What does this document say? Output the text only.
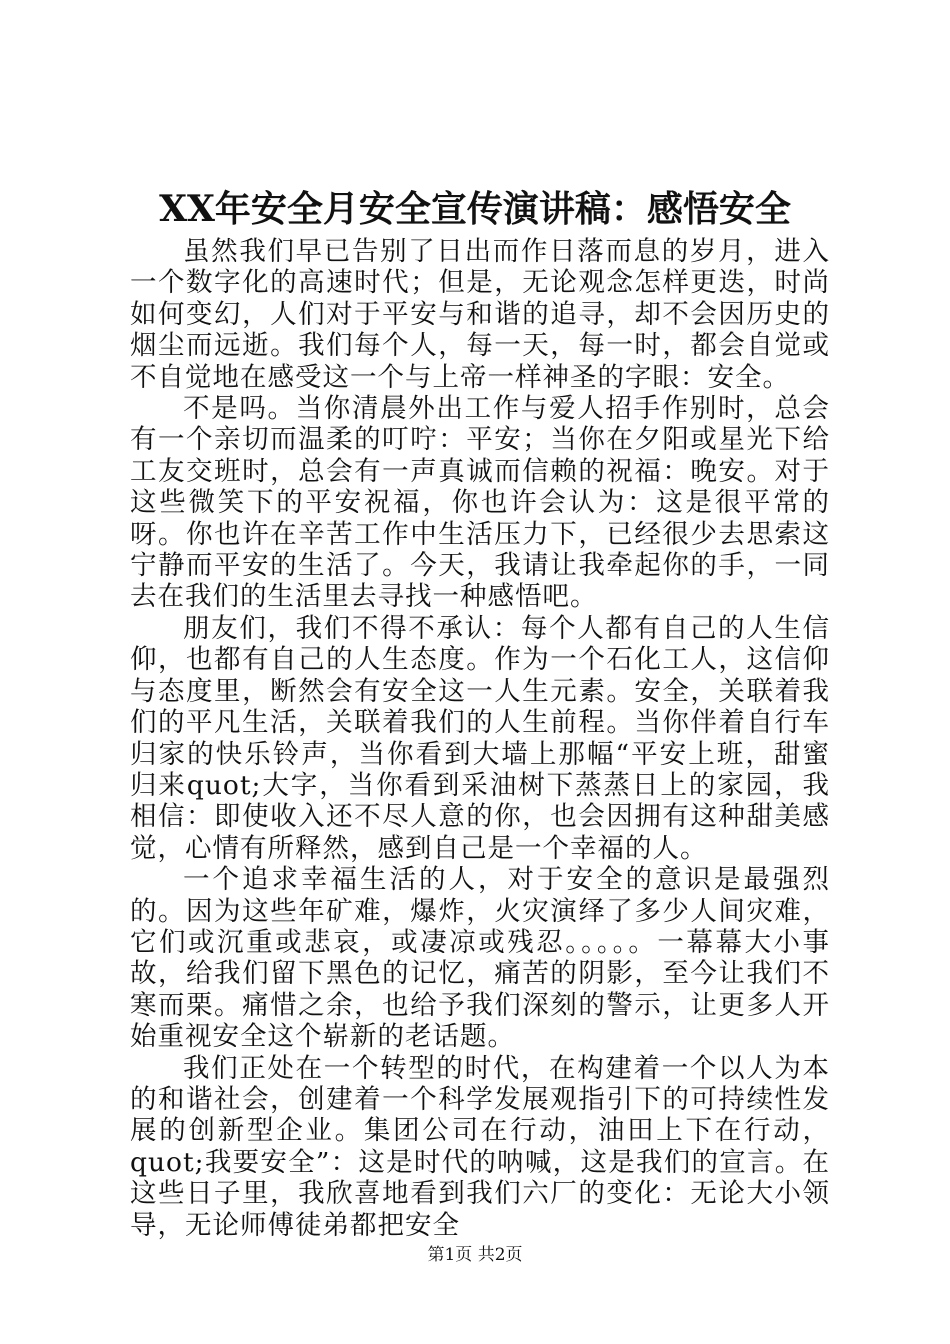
XX年安全月安全宣传演讲稿：感悟安全

虽然我们早已告别了日出而作日落而息的岁月，进入一个数字化的高速时代；但是，无论观念怎样更迭，时尚如何变幻，人们对于平安与和谐的追寻，却不会因历史的烟尘而远逝。我们每个人，每一天，每一时，都会自觉或不自觉地在感受这一个与上帝一样神圣的字眼：安全。

不是吗。当你清晨外出工作与爱人招手作别时，总会有一个亲切而温柔的叮咛：平安；当你在夕阳或星光下给工友交班时，总会有一声真诚而信赖的祝福：晚安。对于这些微笑下的平安祝福，你也许会认为：这是很平常的呀。你也许在辛苦工作中生活压力下，已经很少去思索这宁静而平安的生活了。今天，我请让我牵起你的手，一同去在我们的生活里去寻找一种感悟吧。

朋友们，我们不得不承认：每个人都有自己的人生信仰，也都有自己的人生态度。作为一个石化工人，这信仰与态度里，断然会有安全这一人生元素。安全，关联着我们的平凡生活，关联着我们的人生前程。当你伴着自行车归家的快乐铃声，当你看到大墙上那幅“平安上班，甜蜜归来quot;大字，当你看到采油树下蒸蒸日上的家园，我相信：即使收入还不尽人意的你，也会因拥有这种甜美感觉，心情有所释然，感到自己是一个幸福的人。

一个追求幸福生活的人，对于安全的意识是最强烈的。因为这些年矿难，爆炸，火灾演绎了多少人间灾难，它们或沉重或悲哀，或凄凉或残忍。。。。。一幕幕大小事故，给我们留下黑色的记忆，痛苦的阴影，至今让我们不寒而栗。痛惜之余，也给予我们深刻的警示，让更多人开始重视安全这个崭新的老话题。

我们正处在一个转型的时代，在构建着一个以人为本的和谐社会，创建着一个科学发展观指引下的可持续性发展的创新型企业。集团公司在行动，油田上下在行动，quot;我要安全”：这是时代的呐喊，这是我们的宣言。在这些日子里，我欣喜地看到我们六厂的变化：无论大小领导，无论师傅徒弟都把安全

第1页 共2页
